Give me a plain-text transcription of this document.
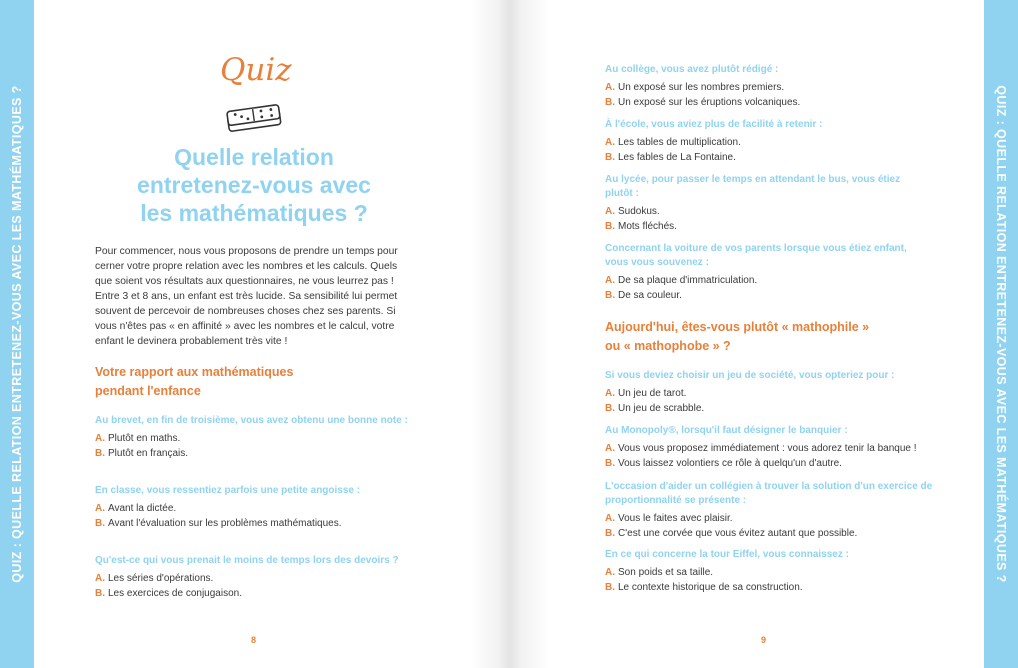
QUIZ : QUELLE RELATION ENTRETENEZ-VOUS AVEC LES MATHÉMATIQUES ?	QUIZ : QUELLE RELATION ENTRETENEZ-VOUS AVEC LES MATHÉMATIQUES ?
Quiz
Quelle relation
entretenez-vous avec
les mathématiques ?
Pour commencer, nous vous proposons de prendre un temps pour cerner votre propre relation avec les nombres et les calculs. Quels que soient vos résultats aux questionnaires, ne vous leurrez pas ! Entre 3 et 8 ans, un enfant est très lucide. Sa sensibilité lui permet souvent de percevoir de nombreuses choses chez ses parents. Si vous n'êtes pas « en affinité » avec les nombres et le calcul, votre enfant le devinera probablement très vite !
Votre rapport aux mathématiques
pendant l'enfance
Au brevet, en fin de troisième, vous avez obtenu une bonne note :
A. Plutôt en maths.
B. Plutôt en français.
En classe, vous ressentiez parfois une petite angoisse :
A. Avant la dictée.
B. Avant l'évaluation sur les problèmes mathématiques.
Qu'est-ce qui vous prenait le moins de temps lors des devoirs ?
A. Les séries d'opérations.
B. Les exercices de conjugaison.
8
Au collège, vous avez plutôt rédigé :
A. Un exposé sur les nombres premiers.
B. Un exposé sur les éruptions volcaniques.
À l'école, vous aviez plus de facilité à retenir :
A. Les tables de multiplication.
B. Les fables de La Fontaine.
Au lycée, pour passer le temps en attendant le bus, vous étiez plutôt :
A. Sudokus.
B. Mots fléchés.
Concernant la voiture de vos parents lorsque vous étiez enfant, vous vous souvenez :
A. De sa plaque d'immatriculation.
B. De sa couleur.
Aujourd'hui, êtes-vous plutôt « mathophile »
ou « mathophobe » ?
Si vous deviez choisir un jeu de société, vous opteriez pour :
A. Un jeu de tarot.
B. Un jeu de scrabble.
Au Monopoly®, lorsqu'il faut désigner le banquier :
A. Vous vous proposez immédiatement : vous adorez tenir la banque !
B. Vous laissez volontiers ce rôle à quelqu'un d'autre.
L'occasion d'aider un collégien à trouver la solution d'un exercice de proportionnalité se présente :
A. Vous le faites avec plaisir.
B. C'est une corvée que vous évitez autant que possible.
En ce qui concerne la tour Eiffel, vous connaissez :
A. Son poids et sa taille.
B. Le contexte historique de sa construction.
9
